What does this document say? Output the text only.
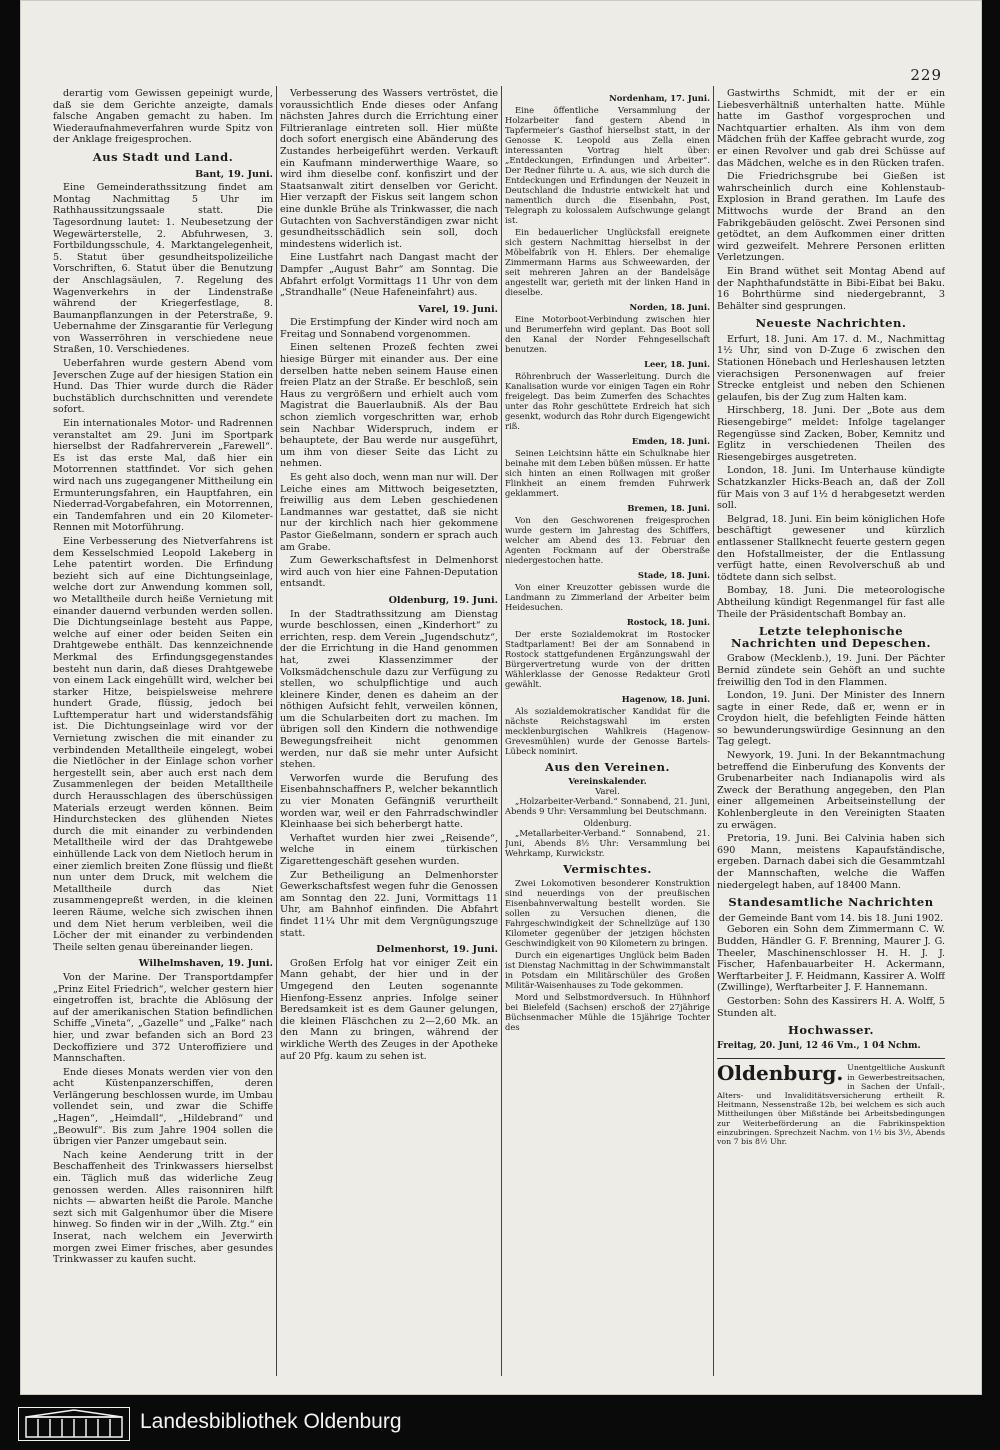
229

derartig vom Gewissen gepeinigt wurde, daß sie dem Gerichte anzeigte, damals falsche Angaben gemacht zu haben. Im Wiederaufnahmeverfahren wurde Spitz von der Anklage freigesprochen.

Aus Stadt und Land.
Bant, 19. Juni.

Eine Gemeinderathssitzung findet am Montag Nachmittag 5 Uhr im Rathhaussitzungssaale statt. Die Tagesordnung lautet: 1. Neubesetzung der Wegewärterstelle, 2. Abfuhrwesen, 3. Fortbildungsschule, 4. Marktangelegenheit, 5. Statut über gesundheitspolizeiliche Vorschriften, 6. Statut über die Benutzung der Anschlagsäulen, 7. Regelung des Wagenverkehrs in der Lindenstraße während der Kriegerfestlage, 8. Baumanpflanzungen in der Peterstraße, 9. Uebernahme der Zinsgarantie für Verlegung von Wasserröhren in verschiedene neue Straßen, 10. Verschiedenes.

Ueberfahren wurde gestern Abend vom Jeverschen Zuge auf der hiesigen Station ein Hund. Das Thier wurde durch die Räder buchstäblich durchschnitten und verendete sofort.

Ein internationales Motor- und Radrennen veranstaltet am 29. Juni im Sportpark hierselbst der Radfahrerverein „Farewell“. Es ist das erste Mal, daß hier ein Motorrennen stattfindet. Vor sich gehen wird nach uns zugegangener Mittheilung ein Ermunterungsfahren, ein Hauptfahren, ein Niederrad-Vorgabefahren, ein Motorrennen, ein Tandemfahren und ein 20 Kilometer-Rennen mit Motorführung.

Eine Verbesserung des Nietverfahrens ist dem Kesselschmied Leopold Lakeberg in Lehe patentirt worden. Die Erfindung bezieht sich auf eine Dichtungseinlage, welche dort zur Anwendung kommen soll, wo Metalltheile durch heiße Vernietung mit einander dauernd verbunden werden sollen. Die Dichtungseinlage besteht aus Pappe, welche auf einer oder beiden Seiten ein Drahtgewebe enthält. Das kennzeichnende Merkmal des Erfindungsgegenstandes besteht nun darin, daß dieses Drahtgewebe von einem Lack eingehüllt wird, welcher bei starker Hitze, beispielsweise mehrere hundert Grade, flüssig, jedoch bei Lufttemperatur hart und widerstandsfähig ist. Die Dichtungseinlage wird vor der Vernietung zwischen die mit einander zu verbindenden Metalltheile eingelegt, wobei die Nietlöcher in der Einlage schon vorher hergestellt sein, aber auch erst nach dem Zusammenlegen der beiden Metalltheile durch Herausschlagen des überschüssigen Materials erzeugt werden können. Beim Hindurchstecken des glühenden Nietes durch die mit einander zu verbindenden Metalltheile wird der das Drahtgewebe einhüllende Lack von dem Nietloch herum in einer ziemlich breiten Zone flüssig und fließt nun unter dem Druck, mit welchem die Metalltheile durch das Niet zusammengepreßt werden, in die kleinen leeren Räume, welche sich zwischen ihnen und dem Niet herum verbleiben, weil die Löcher der mit einander zu verbindenden Theile selten genau übereinander liegen.

Wilhelmshaven, 19. Juni.

Von der Marine. Der Transportdampfer „Prinz Eitel Friedrich“, welcher gestern hier eingetroffen ist, brachte die Ablösung der auf der amerikanischen Station befindlichen Schiffe „Vineta“, „Gazelle“ und „Falke“ nach hier, und zwar befanden sich an Bord 23 Deckoffiziere und 372 Unteroffiziere und Mannschaften.

Ende dieses Monats werden vier von den acht Küstenpanzerschiffen, deren Verlängerung beschlossen wurde, im Umbau vollendet sein, und zwar die Schiffe „Hagen“, „Heimdall“, „Hildebrand“ und „Beowulf“. Bis zum Jahre 1904 sollen die übrigen vier Panzer umgebaut sein.

Nach keine Aenderung tritt in der Beschaffenheit des Trinkwassers hierselbst ein. Täglich muß das widerliche Zeug genossen werden. Alles raisonniren hilft nichts — abwarten heißt die Parole. Manche sezt sich mit Galgenhumor über die Misere hinweg. So finden wir in der „Wilh. Ztg.“ ein Inserat, nach welchem ein Jeverwirth morgen zwei Eimer frisches, aber gesundes Trinkwasser zu kaufen sucht.

Verbesserung des Wassers vertröstet, die voraussichtlich Ende dieses oder Anfang nächsten Jahres durch die Errichtung einer Filtrieranlage eintreten soll. Hier müßte doch sofort energisch eine Abänderung des Zustandes herbeigeführt werden. Verkauft ein Kaufmann minderwerthige Waare, so wird ihm dieselbe conf. konfiszirt und der Staatsanwalt zitirt denselben vor Gericht. Hier verzapft der Fiskus seit langem schon eine dunkle Brühe als Trinkwasser, die nach Gutachten von Sachverständigen zwar nicht gesundheitsschädlich sein soll, doch mindestens widerlich ist.

Eine Lustfahrt nach Dangast macht der Dampfer „August Bahr“ am Sonntag. Die Abfahrt erfolgt Vormittags 11 Uhr von dem „Strandhalle“ (Neue Hafeneinfahrt) aus.

Varel, 19. Juni.

Die Erstimpfung der Kinder wird noch am Freitag und Sonnabend vorgenommen.

Einen seltenen Prozeß fechten zwei hiesige Bürger mit einander aus. Der eine derselben hatte neben seinem Hause einen freien Platz an der Straße. Er beschloß, sein Haus zu vergrößern und erhielt auch vom Magistrat die Bauerlaubniß. Als der Bau schon ziemlich vorgeschritten war, erhob sein Nachbar Widerspruch, indem er behauptete, der Bau werde nur ausgeführt, um ihm von dieser Seite das Licht zu nehmen.

Es geht also doch, wenn man nur will. Der Leiche eines am Mittwoch beigesetzten, freiwillig aus dem Leben geschiedenen Landmannes war gestattet, daß sie nicht nur der kirchlich nach hier gekommene Pastor Gießelmann, sondern er sprach auch am Grabe.

Zum Gewerkschaftsfest in Delmenhorst wird auch von hier eine Fahnen-Deputation entsandt.

Oldenburg, 19. Juni.

In der Stadtrathssitzung am Dienstag wurde beschlossen, einen „Kinderhort“ zu errichten, resp. dem Verein „Jugendschutz“, der die Errichtung in die Hand genommen hat, zwei Klassenzimmer der Volksmädchenschule dazu zur Verfügung zu stellen, wo schulpflichtige und auch kleinere Kinder, denen es daheim an der nöthigen Aufsicht fehlt, verweilen können, um die Schularbeiten dort zu machen. Im übrigen soll den Kindern die nothwendige Bewegungsfreiheit nicht genommen werden, nur daß sie mehr unter Aufsicht stehen.

Verworfen wurde die Berufung des Eisenbahnschaffners P., welcher bekanntlich zu vier Monaten Gefängniß verurtheilt worden war, weil er den Fahrradschwindler Kleinhaase bei sich beherbergt hatte.

Verhaftet wurden hier zwei „Reisende“, welche in einem türkischen Zigarettengeschäft gesehen wurden.

Zur Betheiligung an Delmenhorster Gewerkschaftsfest wegen fuhr die Genossen am Sonntag den 22. Juni, Vormittags 11 Uhr, am Bahnhof einfinden. Die Abfahrt findet 11¼ Uhr mit dem Vergnügungszuge statt.

Delmenhorst, 19. Juni.

Großen Erfolg hat vor einiger Zeit ein Mann gehabt, der hier und in der Umgegend den Leuten sogenannte Hienfong-Essenz anpries. Infolge seiner Beredsamkeit ist es dem Gauner gelungen, die kleinen Fläschchen zu 2—2,60 Mk. an den Mann zu bringen, während der wirkliche Werth des Zeuges in der Apotheke auf 20 Pfg. kaum zu sehen ist.

Nordenham, 17. Juni.

Eine öffentliche Versammlung der Holzarbeiter fand gestern Abend in Tapfermeier’s Gasthof hierselbst statt, in der Genosse K. Leopold aus Zella einen interessanten Vortrag hielt über: „Entdeckungen, Erfindungen und Arbeiter“. Der Redner führte u. A. aus, wie sich durch die Entdeckungen und Erfindungen der Neuzeit in Deutschland die Industrie entwickelt hat und namentlich durch die Eisenbahn, Post, Telegraph zu kolossalem Aufschwunge gelangt ist.

Ein bedauerlicher Unglücksfall ereignete sich gestern Nachmittag hierselbst in der Möbelfabrik von H. Ehlers. Der ehemalige Zimmermann Harms aus Schweewarden, der seit mehreren Jahren an der Bandelsäge angestellt war, gerieth mit der linken Hand in dieselbe.

Norden, 18. Juni.

Eine Motorboot-Verbindung zwischen hier und Berumerfehn wird geplant. Das Boot soll den Kanal der Norder Fehngesellschaft benutzen.

Leer, 18. Juni.

Röhrenbruch der Wasserleitung. Durch die Kanalisation wurde vor einigen Tagen ein Rohr freigelegt. Das beim Zumerfen des Schachtes unter das Rohr geschüttete Erdreich hat sich gesenkt, wodurch das Rohr durch Eigengewicht riß.

Emden, 18. Juni.

Seinen Leichtsinn hätte ein Schulknabe hier beinahe mit dem Leben büßen müssen. Er hatte sich hinten an einen Rollwagen mit großer Flinkheit an einem fremden Fuhrwerk geklammert.

Bremen, 18. Juni.

Von den Geschworenen freigesprochen wurde gestern im Jahrestag des Schiffers, welcher am Abend des 13. Februar den Agenten Fockmann auf der Oberstraße niedergestochen hatte.

Stade, 18. Juni.

Von einer Kreuzotter gebissen wurde die Landmann zu Zimmerland der Arbeiter beim Heidesuchen.

Rostock, 18. Juni.

Der erste Sozialdemokrat im Rostocker Stadtparlament! Bei der am Sonnabend in Rostock stattgefundenen Ergänzungswahl der Bürgervertretung wurde von der dritten Wählerklasse der Genosse Redakteur Grotl gewählt.

Hagenow, 18. Juni.

Als sozialdemokratischer Kandidat für die nächste Reichstagswahl im ersten mecklenburgischen Wahlkreis (Hagenow-Grevesmühlen) wurde der Genosse Bartels-Lübeck nominirt.

Aus den Vereinen.
Vereinskalender.
Varel.

„Holzarbeiter-Verband.“ Sonnabend, 21. Juni, Abends 9 Uhr: Versammlung bei Deutschmann.

Oldenburg.

„Metallarbeiter-Verband.“ Sonnabend, 21. Juni, Abends 8½ Uhr: Versammlung bei Wehrkamp, Kurwickstr.

Vermischtes.

Zwei Lokomotiven besonderer Konstruktion sind neuerdings von der preußischen Eisenbahnverwaltung bestellt worden. Sie sollen zu Versuchen dienen, die Fahrgeschwindigkeit der Schnellzüge auf 130 Kilometer gegenüber der jetzigen höchsten Geschwindigkeit von 90 Kilometern zu bringen.

Durch ein eigenartiges Unglück beim Baden ist Dienstag Nachmittag in der Schwimmanstalt in Potsdam ein Militärschüler des Großen Militär-Waisenhauses zu Tode gekommen.

Mord und Selbstmordversuch. In Hühnhorf bei Bielefeld (Sachsen) erschoß der 27jährige Büchsenmacher Mühle die 15jährige Tochter des

Gastwirths Schmidt, mit der er ein Liebesverhältniß unterhalten hatte. Mühle hatte im Gasthof vorgesprochen und Nachtquartier erhalten. Als ihm von dem Mädchen früh der Kaffee gebracht wurde, zog er einen Revolver und gab drei Schüsse auf das Mädchen, welche es in den Rücken trafen.

Die Friedrichsgrube bei Gießen ist wahrscheinlich durch eine Kohlenstaub-Explosion in Brand gerathen. Im Laufe des Mittwochs wurde der Brand an den Fabrikgebäuden gelöscht. Zwei Personen sind getödtet, an dem Aufkommen einer dritten wird gezweifelt. Mehrere Personen erlitten Verletzungen.

Ein Brand wüthet seit Montag Abend auf der Naphthafundstätte in Bibi-Eibat bei Baku. 16 Bohrthürme sind niedergebrannt, 3 Behälter sind gesprungen.

Neueste Nachrichten.

Erfurt, 18. Juni. Am 17. d. M., Nachmittag 1½ Uhr, sind von D-Zuge 6 zwischen den Stationen Hönebach und Herleshausen letzten vierachsigen Personenwagen auf freier Strecke entgleist und neben den Schienen gelaufen, bis der Zug zum Halten kam.

Hirschberg, 18. Juni. Der „Bote aus dem Riesengebirge“ meldet: Infolge tagelanger Regengüsse sind Zacken, Bober, Kemnitz und Eglitz in verschiedenen Theilen des Riesengebirges ausgetreten.

London, 18. Juni. Im Unterhause kündigte Schatzkanzler Hicks-Beach an, daß der Zoll für Mais von 3 auf 1½ d herabgesetzt werden soll.

Belgrad, 18. Juni. Ein beim königlichen Hofe beschäftigt gewesener und kürzlich entlassener Stallknecht feuerte gestern gegen den Hofstallmeister, der die Entlassung verfügt hatte, einen Revolverschuß ab und tödtete dann sich selbst.

Bombay, 18. Juni. Die meteorologische Abtheilung kündigt Regenmangel für fast alle Theile der Präsidentschaft Bombay an.

Letzte telephonische Nachrichten und Depeschen.

Grabow (Mecklenb.), 19. Juni. Der Pächter Bernid zündete sein Gehöft an und suchte freiwillig den Tod in den Flammen.

London, 19. Juni. Der Minister des Innern sagte in einer Rede, daß er, wenn er in Croydon hielt, die befehligten Feinde hätten so bewunderungswürdige Gesinnung an den Tag gelegt.

Newyork, 19. Juni. In der Bekanntmachung betreffend die Einberufung des Konvents der Grubenarbeiter nach Indianapolis wird als Zweck der Berathung angegeben, den Plan einer allgemeinen Arbeitseinstellung der Kohlenbergleute in den Vereinigten Staaten zu erwägen.

Pretoria, 19. Juni. Bei Calvinia haben sich 690 Mann, meistens Kapaufständische, ergeben. Darnach dabei sich die Gesammtzahl der Mannschaften, welche die Waffen niedergelegt haben, auf 18400 Mann.

Standesamtliche Nachrichten
der Gemeinde Bant vom 14. bis 18. Juni 1902.

Geboren ein Sohn dem Zimmermann C. W. Budden, Händler G. F. Brenning, Maurer J. G. Theeler, Maschinenschlosser H. H. J. J. Fischer, Hafenbauarbeiter H. Ackermann, Werftarbeiter J. F. Heidmann, Kassirer A. Wolff (Zwillinge), Werftarbeiter J. F. Hannemann.

Gestorben: Sohn des Kassirers H. A. Wolff, 5 Stunden alt.

Hochwasser.
Freitag, 20. Juni, 12 46 Vm., 1 04 Nchm.
Oldenburg. Unentgeltliche Auskunft in Gewerbestreitsachen, in Sachen der Unfall-, Alters- und Invaliditätsversicherung ertheilt R. Heitmann, Nessenstraße 12b, bei welchem es sich auch Mittheilungen über Mißstände bei Arbeitsbedingungen zur Weiterbeförderung an die Fabrikinspektion einzubringen. Sprechzeit Nachm. von 1½ bis 3½, Abends von 7 bis 8½ Uhr.
Landesbibliothek Oldenburg
